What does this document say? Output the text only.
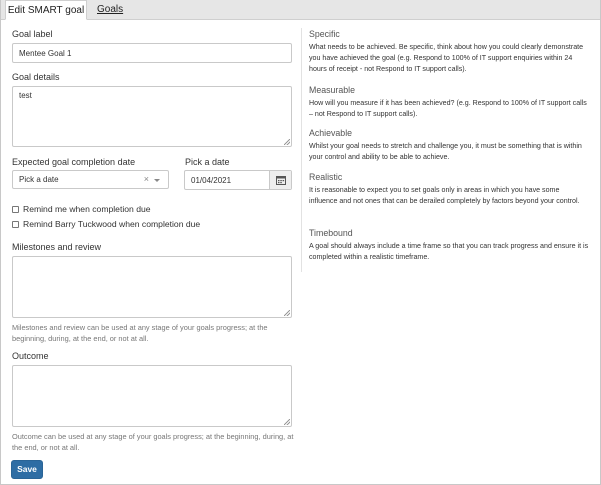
Edit SMART goal Goals
Goal label
Mentee Goal 1
Goal details
test
Expected goal completion date	Pick a date
Pick a date	×	01/04/2021
Remind me when completion due
Remind Barry Tuckwood when completion due
Milestones and review
Milestones and review can be used at any stage of your goals progress; at the beginning, during, at the end, or not at all.
Outcome
Outcome can be used at any stage of your goals progress; at the beginning, during, at the end, or not at all.
Save
Specific

What needs to be achieved. Be specific, think about how you could clearly demonstrate you have achieved the goal (e.g. Respond to 100% of IT support enquiries within 24 hours of receipt - not Respond to IT support calls).

Measurable

How will you measure if it has been achieved? (e.g. Respond to 100% of IT support calls – not Respond to IT support calls).

Achievable

Whilst your goal needs to stretch and challenge you, it must be something that is within your control and ability to be able to achieve.

Realistic

It is reasonable to expect you to set goals only in areas in which you have some influence and not ones that can be derailed completely by factors beyond your control.

Timebound

A goal should always include a time frame so that you can track progress and ensure it is completed within a realistic timeframe.
